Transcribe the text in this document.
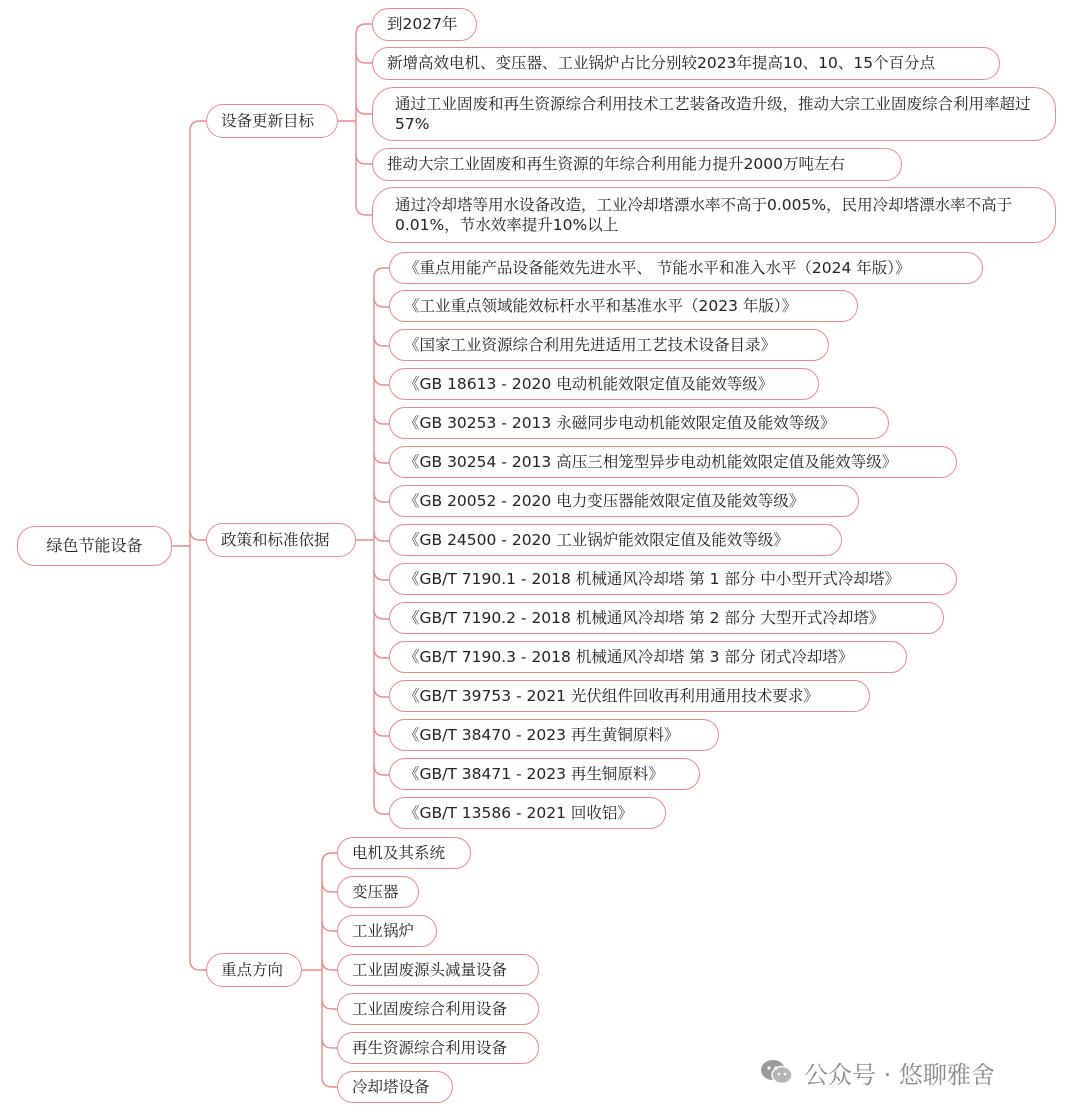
绿色节能设备
设备更新目标
到2027年
新增高效电机、变压器、工业锅炉占比分别较2023年提高10、10、15个百分点
通过工业固废和再生资源综合利用技术工艺装备改造升级，推动大宗工业固废综合利用率超过57%
推动大宗工业固废和再生资源的年综合利用能力提升2000万吨左右
通过冷却塔等用水设备改造，工业冷却塔漂水率不高于0.005%，民用冷却塔漂水率不高于0.01%，节水效率提升10%以上
政策和标准依据
《重点用能产品设备能效先进水平、 节能水平和准入水平（2024 年版）》
《工业重点领域能效标杆水平和基准水平（2023 年版）》
《国家工业资源综合利用先进适用工艺技术设备目录》
《GB 18613 - 2020 电动机能效限定值及能效等级》
《GB 30253 - 2013 永磁同步电动机能效限定值及能效等级》
《GB 30254 - 2013 高压三相笼型异步电动机能效限定值及能效等级》
《GB 20052 - 2020 电力变压器能效限定值及能效等级》
《GB 24500 - 2020 工业锅炉能效限定值及能效等级》
《GB/T 7190.1 - 2018 机械通风冷却塔 第 1 部分 中小型开式冷却塔》
《GB/T 7190.2 - 2018 机械通风冷却塔 第 2 部分 大型开式冷却塔》
《GB/T 7190.3 - 2018 机械通风冷却塔 第 3 部分 闭式冷却塔》
《GB/T 39753 - 2021 光伏组件回收再利用通用技术要求》
《GB/T 38470 - 2023 再生黄铜原料》
《GB/T 38471 - 2023 再生铜原料》
《GB/T 13586 - 2021 回收铝》
重点方向
电机及其系统
变压器
工业锅炉
工业固废源头减量设备
工业固废综合利用设备
再生资源综合利用设备
冷却塔设备	公众号 · 悠聊雅舍
